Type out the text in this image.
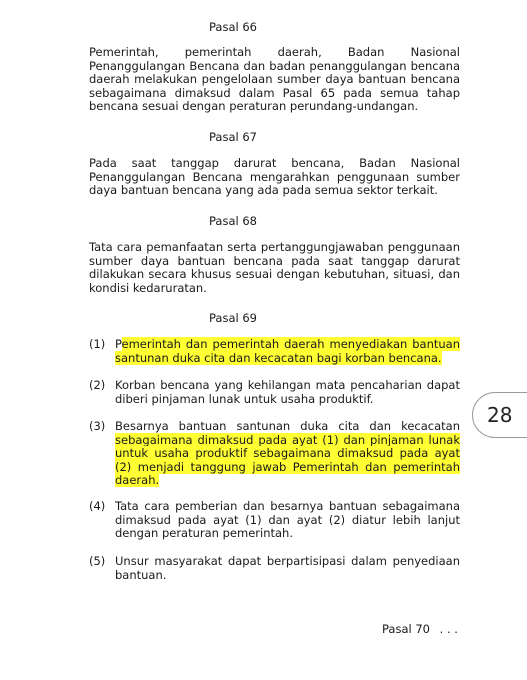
Pasal 66
Pemerintah, pemerintah daerah, Badan Nasional Penanggulangan Bencana dan badan penanggulangan bencana daerah melakukan pengelolaan sumber daya bantuan bencana sebagaimana dimaksud dalam Pasal 65 pada semua tahap bencana sesuai dengan peraturan perundang-undangan.
Pasal 67
Pada saat tanggap darurat bencana, Badan Nasional Penanggulangan Bencana mengarahkan penggunaan sumber daya bantuan bencana yang ada pada semua sektor terkait.
Pasal 68
Tata cara pemanfaatan serta pertanggungjawaban penggunaan sumber daya bantuan bencana pada saat tanggap darurat dilakukan secara khusus sesuai dengan kebutuhan, situasi, dan kondisi kedaruratan.
Pasal 69
(1) Pemerintah dan pemerintah daerah menyediakan bantuan santunan duka cita dan kecacatan bagi korban bencana.
(2) Korban bencana yang kehilangan mata pencaharian dapat diberi pinjaman lunak untuk usaha produktif.
(3) Besarnya bantuan santunan duka cita dan kecacatan sebagaimana dimaksud pada ayat (1) dan pinjaman lunak untuk usaha produktif sebagaimana dimaksud pada ayat (2) menjadi tanggung jawab Pemerintah dan pemerintah daerah.
(4) Tata cara pemberian dan besarnya bantuan sebagaimana dimaksud pada ayat (1) dan ayat (2) diatur lebih lanjut dengan peraturan pemerintah.
(5) Unsur masyarakat dapat berpartisipasi dalam penyediaan bantuan.
28
Pasal 70 . . .
